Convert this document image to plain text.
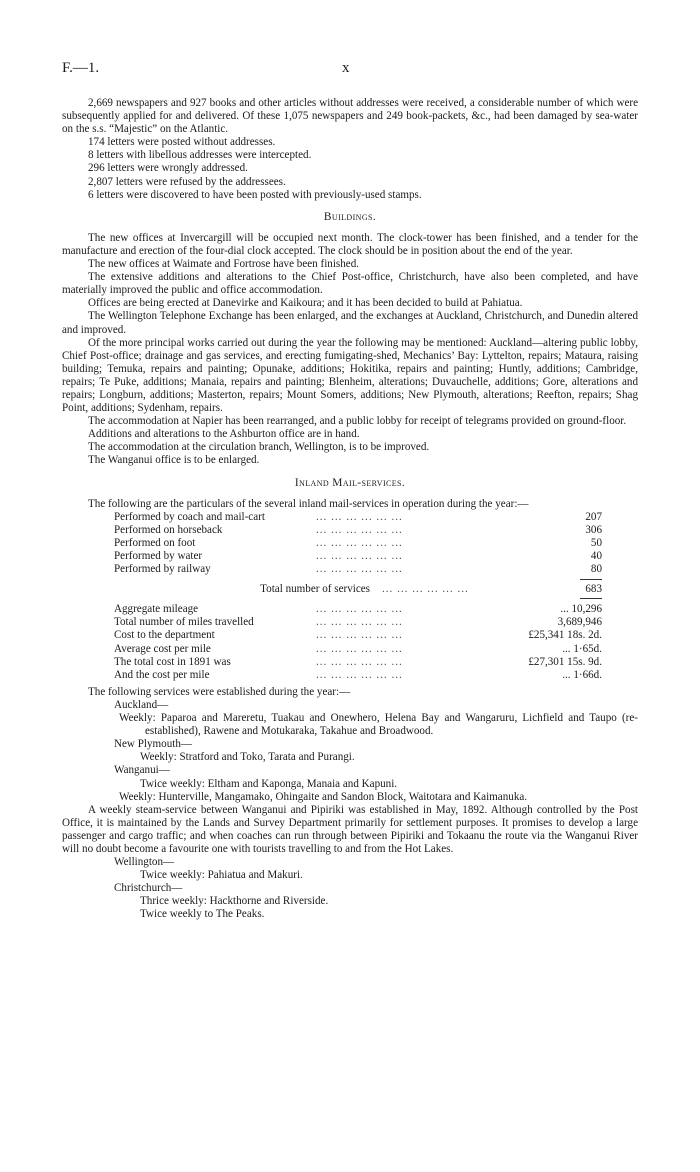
F.—1.	x

2,669 newspapers and 927 books and other articles without addresses were received, a considerable number of which were subsequently applied for and delivered. Of these 1,075 newspapers and 249 book-packets, &c., had been damaged by sea-water on the s.s. “Majestic” on the Atlantic.

174 letters were posted without addresses.

8 letters with libellous addresses were intercepted.

296 letters were wrongly addressed.

2,807 letters were refused by the addressees.

6 letters were discovered to have been posted with previously-used stamps.

Buildings.

The new offices at Invercargill will be occupied next month. The clock-tower has been finished, and a tender for the manufacture and erection of the four-dial clock accepted. The clock should be in position about the end of the year.

The new offices at Waimate and Fortrose have been finished.

The extensive additions and alterations to the Chief Post-office, Christchurch, have also been completed, and have materially improved the public and office accommodation.

Offices are being erected at Danevirke and Kaikoura; and it has been decided to build at Pahiatua.

The Wellington Telephone Exchange has been enlarged, and the exchanges at Auckland, Christchurch, and Dunedin altered and improved.

Of the more principal works carried out during the year the following may be mentioned: Auckland—altering public lobby, Chief Post-office; drainage and gas services, and erecting fumigating-shed, Mechanics’ Bay: Lyttelton, repairs; Mataura, raising building; Temuka, repairs and painting; Opunake, additions; Hokitika, repairs and painting; Huntly, additions; Cambridge, repairs; Te Puke, additions; Manaia, repairs and painting; Blenheim, alterations; Duvauchelle, additions; Gore, alterations and repairs; Longburn, additions; Masterton, repairs; Mount Somers, additions; New Plymouth, alterations; Reefton, repairs; Shag Point, additions; Sydenham, repairs.

The accommodation at Napier has been rearranged, and a public lobby for receipt of telegrams provided on ground-floor.

Additions and alterations to the Ashburton office are in hand.

The accommodation at the circulation branch, Wellington, is to be improved.

The Wanganui office is to be enlarged.

Inland Mail-services.

The following are the particulars of the several inland mail-services in operation during the year:—

Performed by coach and mail-cart	... ... ... ... ... ...	207
Performed on horseback	... ... ... ... ... ...	306
Performed on foot	... ... ... ... ... ...	50
Performed by water	... ... ... ... ... ...	40
Performed by railway	... ... ... ... ... ...	80
Total number of services	... ... ... ... ... ...	683
Aggregate mileage	... ... ... ... ... ...	... 10,296
Total number of miles travelled	... ... ... ... ... ...	3,689,946
Cost to the department	... ... ... ... ... ...	£25,341 18s. 2d.
Average cost per mile	... ... ... ... ... ...	... 1·65d.
The total cost in 1891 was	... ... ... ... ... ...	£27,301 15s. 9d.
And the cost per mile	... ... ... ... ... ...	... 1·66d.

The following services were established during the year:—

Auckland—

Weekly: Paparoa and Mareretu, Tuakau and Onewhero, Helena Bay and Wangaruru, Lichfield and Taupo (re-established), Rawene and Motukaraka, Takahue and Broadwood.

New Plymouth—

Weekly: Stratford and Toko, Tarata and Purangi.

Wanganui—

Twice weekly: Eltham and Kaponga, Manaia and Kapuni.

Weekly: Hunterville, Mangamako, Ohingaite and Sandon Block, Waitotara and Kaimanuka.

A weekly steam-service between Wanganui and Pipiriki was established in May, 1892. Although controlled by the Post Office, it is maintained by the Lands and Survey Department primarily for settlement purposes. It promises to develop a large passenger and cargo traffic; and when coaches can run through between Pipiriki and Tokaanu the route via the Wanganui River will no doubt become a favourite one with tourists travelling to and from the Hot Lakes.

Wellington—

Twice weekly: Pahiatua and Makuri.

Christchurch—

Thrice weekly: Hackthorne and Riverside.

Twice weekly to The Peaks.
